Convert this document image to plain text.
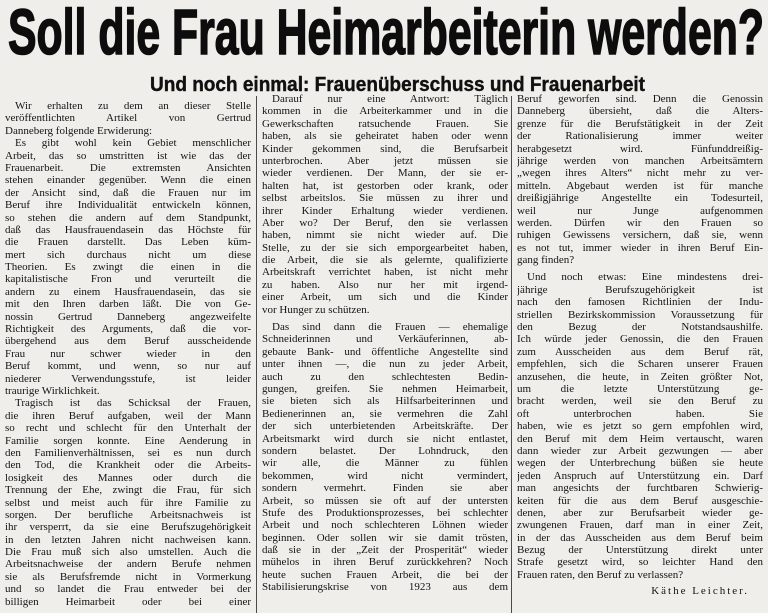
Soll die Frau Heimarbeiterin werden?
Und noch einmal: Frauenüberschuss und Frauenarbeit
Wir erhalten zu dem an dieser Stelle
veröffentlichten Artikel von Gertrud
Danneberg folgende Erwiderung:
Es gibt wohl kein Gebiet menschlicher
Arbeit, das so umstritten ist wie das der
Frauenarbeit. Die extremsten Ansichten
stehen einander gegenüber. Wenn die einen
der Ansicht sind, daß die Frauen nur im
Beruf ihre Individualität entwickeln können,
so stehen die andern auf dem Standpunkt,
daß das Hausfrauendasein das Höchste für
die Frauen darstellt. Das Leben küm-
mert sich durchaus nicht um diese
Theorien. Es zwingt die einen in die
kapitalistische Fron und verurteilt die
andern zu einem Hausfrauendasein, das sie
mit den Ihren darben läßt. Die von Ge-
nossin Gertrud Danneberg angezweifelte
Richtigkeit des Arguments, daß die vor-
übergehend aus dem Beruf ausscheidende
Frau nur schwer wieder in den
Beruf kommt, und wenn, so nur auf
niederer Verwendungsstufe, ist leider
traurige Wirklichkeit.
Tragisch ist das Schicksal der Frauen,
die ihren Beruf aufgaben, weil der Mann
so recht und schlecht für den Unterhalt der
Familie sorgen konnte. Eine Aenderung in
den Familienverhältnissen, sei es nun durch
den Tod, die Krankheit oder die Arbeits-
losigkeit des Mannes oder durch die
Trennung der Ehe, zwingt die Frau, für sich
selbst und meist auch für ihre Familie zu
sorgen. Der berufliche Arbeitsnachweis ist
ihr versperrt, da sie eine Berufszugehörigkeit
in den letzten Jahren nicht nachweisen kann.
Die Frau muß sich also umstellen. Auch die
Arbeitsnachweise der andern Berufe nehmen
sie als Berufsfremde nicht in Vormerkung
und so landet die Frau entweder bei der
billigen Heimarbeit oder bei einer
Darauf nur eine Antwort: Täglich
kommen in die Arbeiterkammer und in die
Gewerkschaften ratsuchende Frauen. Sie
haben, als sie geheiratet haben oder wenn
Kinder gekommen sind, die Berufsarbeit
unterbrochen. Aber jetzt müssen sie
wieder verdienen. Der Mann, der sie er-
halten hat, ist gestorben oder krank, oder
selbst arbeitslos. Sie müssen zu ihrer und
ihrer Kinder Erhaltung wieder verdienen.
Aber wo? Der Beruf, den sie verlassen
haben, nimmt sie nicht wieder auf. Die
Stelle, zu der sie sich emporgearbeitet haben,
die Arbeit, die sie als gelernte, qualifizierte
Arbeitskraft verrichtet haben, ist nicht mehr
zu haben. Also nur her mit irgend-
einer Arbeit, um sich und die Kinder
vor Hunger zu schützen.
Das sind dann die Frauen — ehemalige
Schneiderinnen und Verkäuferinnen, ab-
gebaute Bank- und öffentliche Angestellte sind
unter ihnen —, die nun zu jeder Arbeit,
auch zu den schlechtesten Bedin-
gungen, greifen. Sie nehmen Heimarbeit,
sie bieten sich als Hilfsarbeiterinnen und
Bedienerinnen an, sie vermehren die Zahl
der sich unterbietenden Arbeitskräfte. Der
Arbeitsmarkt wird durch sie nicht entlastet,
sondern belastet. Der Lohndruck, den
wir alle, die Männer zu fühlen
bekommen, wird nicht vermindert,
sondern vermehrt. Finden sie aber
Arbeit, so müssen sie oft auf der untersten
Stufe des Produktionsprozesses, bei schlechter
Arbeit und noch schlechteren Löhnen wieder
beginnen. Oder sollen wir sie damit trösten,
daß sie in der „Zeit der Prosperität“ wieder
mühelos in ihren Beruf zurückkehren? Noch
heute suchen Frauen Arbeit, die bei der
Stabilisierungskrise von 1923 aus dem
Beruf geworfen sind. Denn die Genossin
Danneberg übersieht, daß die Alters-
grenze für die Berufstätigkeit in der Zeit
der Rationalisierung immer weiter
herabgesetzt wird. Fünfunddreißig-
jährige werden von manchen Arbeitsämtern
„wegen ihres Alters“ nicht mehr zu ver-
mitteln. Abgebaut werden ist für manche
dreißigjährige Angestellte ein Todesurteil,
weil nur Junge aufgenommen
werden. Dürfen wir den Frauen so
ruhigen Gewissens versichern, daß sie, wenn
es not tut, immer wieder in ihren Beruf Ein-
gang finden?
Und noch etwas: Eine mindestens drei-
jährige Berufszugehörigkeit ist
nach den famosen Richtlinien der Indu-
striellen Bezirkskommission Voraussetzung für
den Bezug der Notstandsaushilfe.
Ich würde jeder Genossin, die den Frauen
zum Ausscheiden aus dem Beruf rät,
empfehlen, sich die Scharen unserer Frauen
anzusehen, die heute, in Zeiten größter Not,
um die letzte Unterstützung ge-
bracht werden, weil sie den Beruf zu
oft unterbrochen haben. Sie
haben, wie es jetzt so gern empfohlen wird,
den Beruf mit dem Heim vertauscht, waren
dann wieder zur Arbeit gezwungen — aber
wegen der Unterbrechung büßen sie heute
jeden Anspruch auf Unterstützung ein. Darf
man angesichts der furchtbaren Schwierig-
keiten für die aus dem Beruf ausgeschie-
denen, aber zur Berufsarbeit wieder ge-
zwungenen Frauen, darf man in einer Zeit,
in der das Ausscheiden aus dem Beruf beim
Bezug der Unterstützung direkt unter
Strafe gesetzt wird, so leichter Hand den
Frauen raten, den Beruf zu verlassen?
Käthe Leichter.
